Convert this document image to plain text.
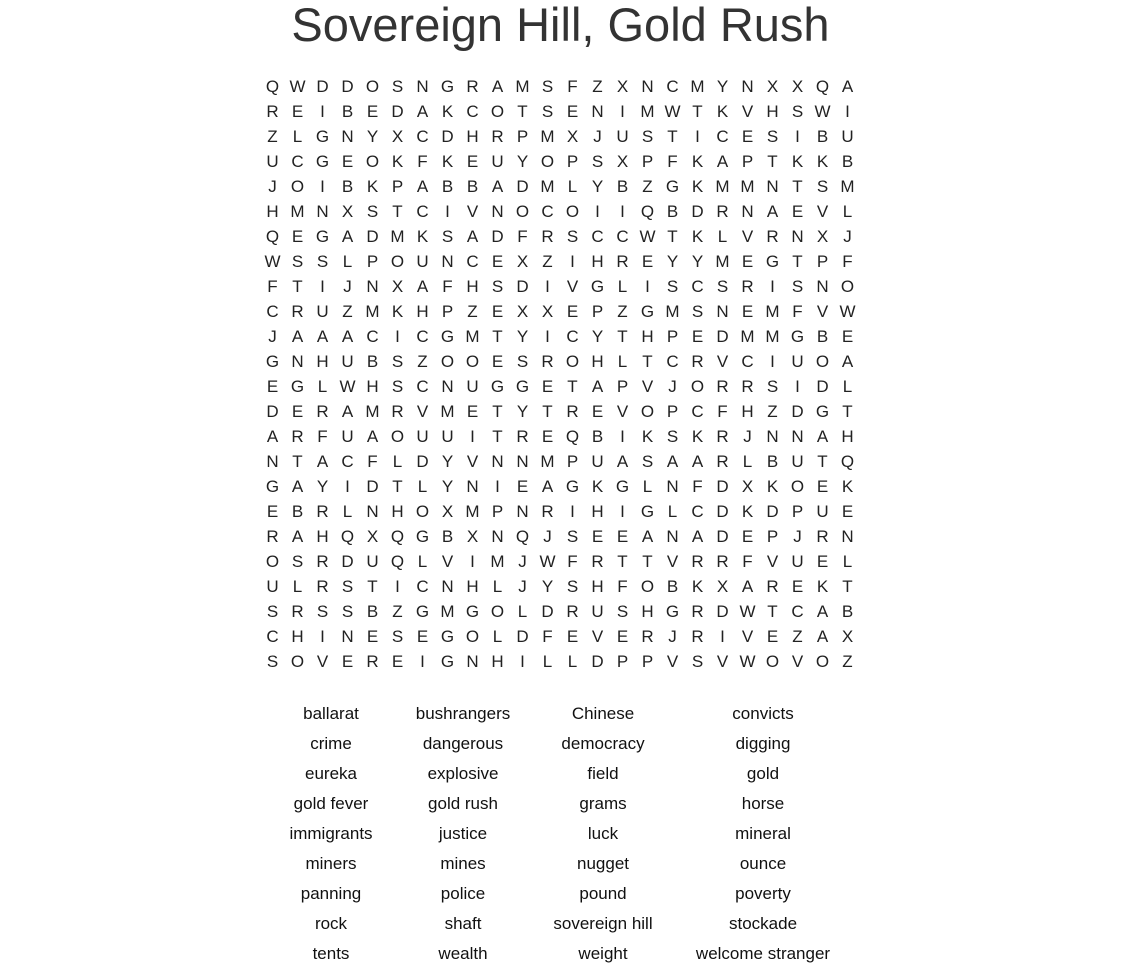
Sovereign Hill, Gold Rush
Q W D D O S N G R A M S F Z X N C M Y N X X Q A
R E I B E D A K C O T S E N I M W T K V H S W I
Z L G N Y X C D H R P M X J U S T	I C E S I B U
U C G E O K F K E U Y O P S X P F K A P T K K B
J O I B K P A B B A D M L Y B Z G K M M N T S M
H M N X S T C I V N O C O I	I Q B D R N A E V L
Q E G A D M K S A D F R S C C W T K L V R N X J
W S S L P O U N C E X Z	I H R E Y Y M E G T P F
F T	I	J N X A F H S D I V G L	I S C S R I S N O
C R U Z M K H P Z E X X E P Z G M S N E M F V W
J A A A C I C G M T Y I C Y T H P E D M M G B E
G N H U B S Z O O E S R O H L T C R V C I U O A
E G L W H S C N U G G E T A P V J O R R S I D L
D E R A M R V M E T Y T R E V O P C F H Z D G T
A R F U A O U U I	T R E Q B I K S K R J N N A H
N T A C F L D Y V N N M P U A S A A R L B U T Q
G A Y I D T L Y N I E A G K G L N F D X K O E K
E B R L N H O X M P N R I H I G L C D K D P U E
R A H Q X Q G B X N Q J S E E A N A D E P J R N
O S R D U Q L V I M J W F R T T V R R F V U E L
U L R S T	I C N H L J Y S H F O B K X A R E K T
S R S S B Z G M G O L D R U S H G R D W T C A B
C H I N E S E G O L D F E V E R J R I V E Z A X
S O V E R E I G N H I	L L D P P V S V W O V O Z
ballarat	bushrangers	Chinese	convicts
crime	dangerous	democracy	digging
eureka	explosive	field	gold
gold fever	gold rush	grams	horse
immigrants	justice	luck	mineral
miners	mines	nugget	ounce
panning	police	pound	poverty
rock	shaft	sovereign hill	stockade
tents	wealth	weight	welcome stranger
